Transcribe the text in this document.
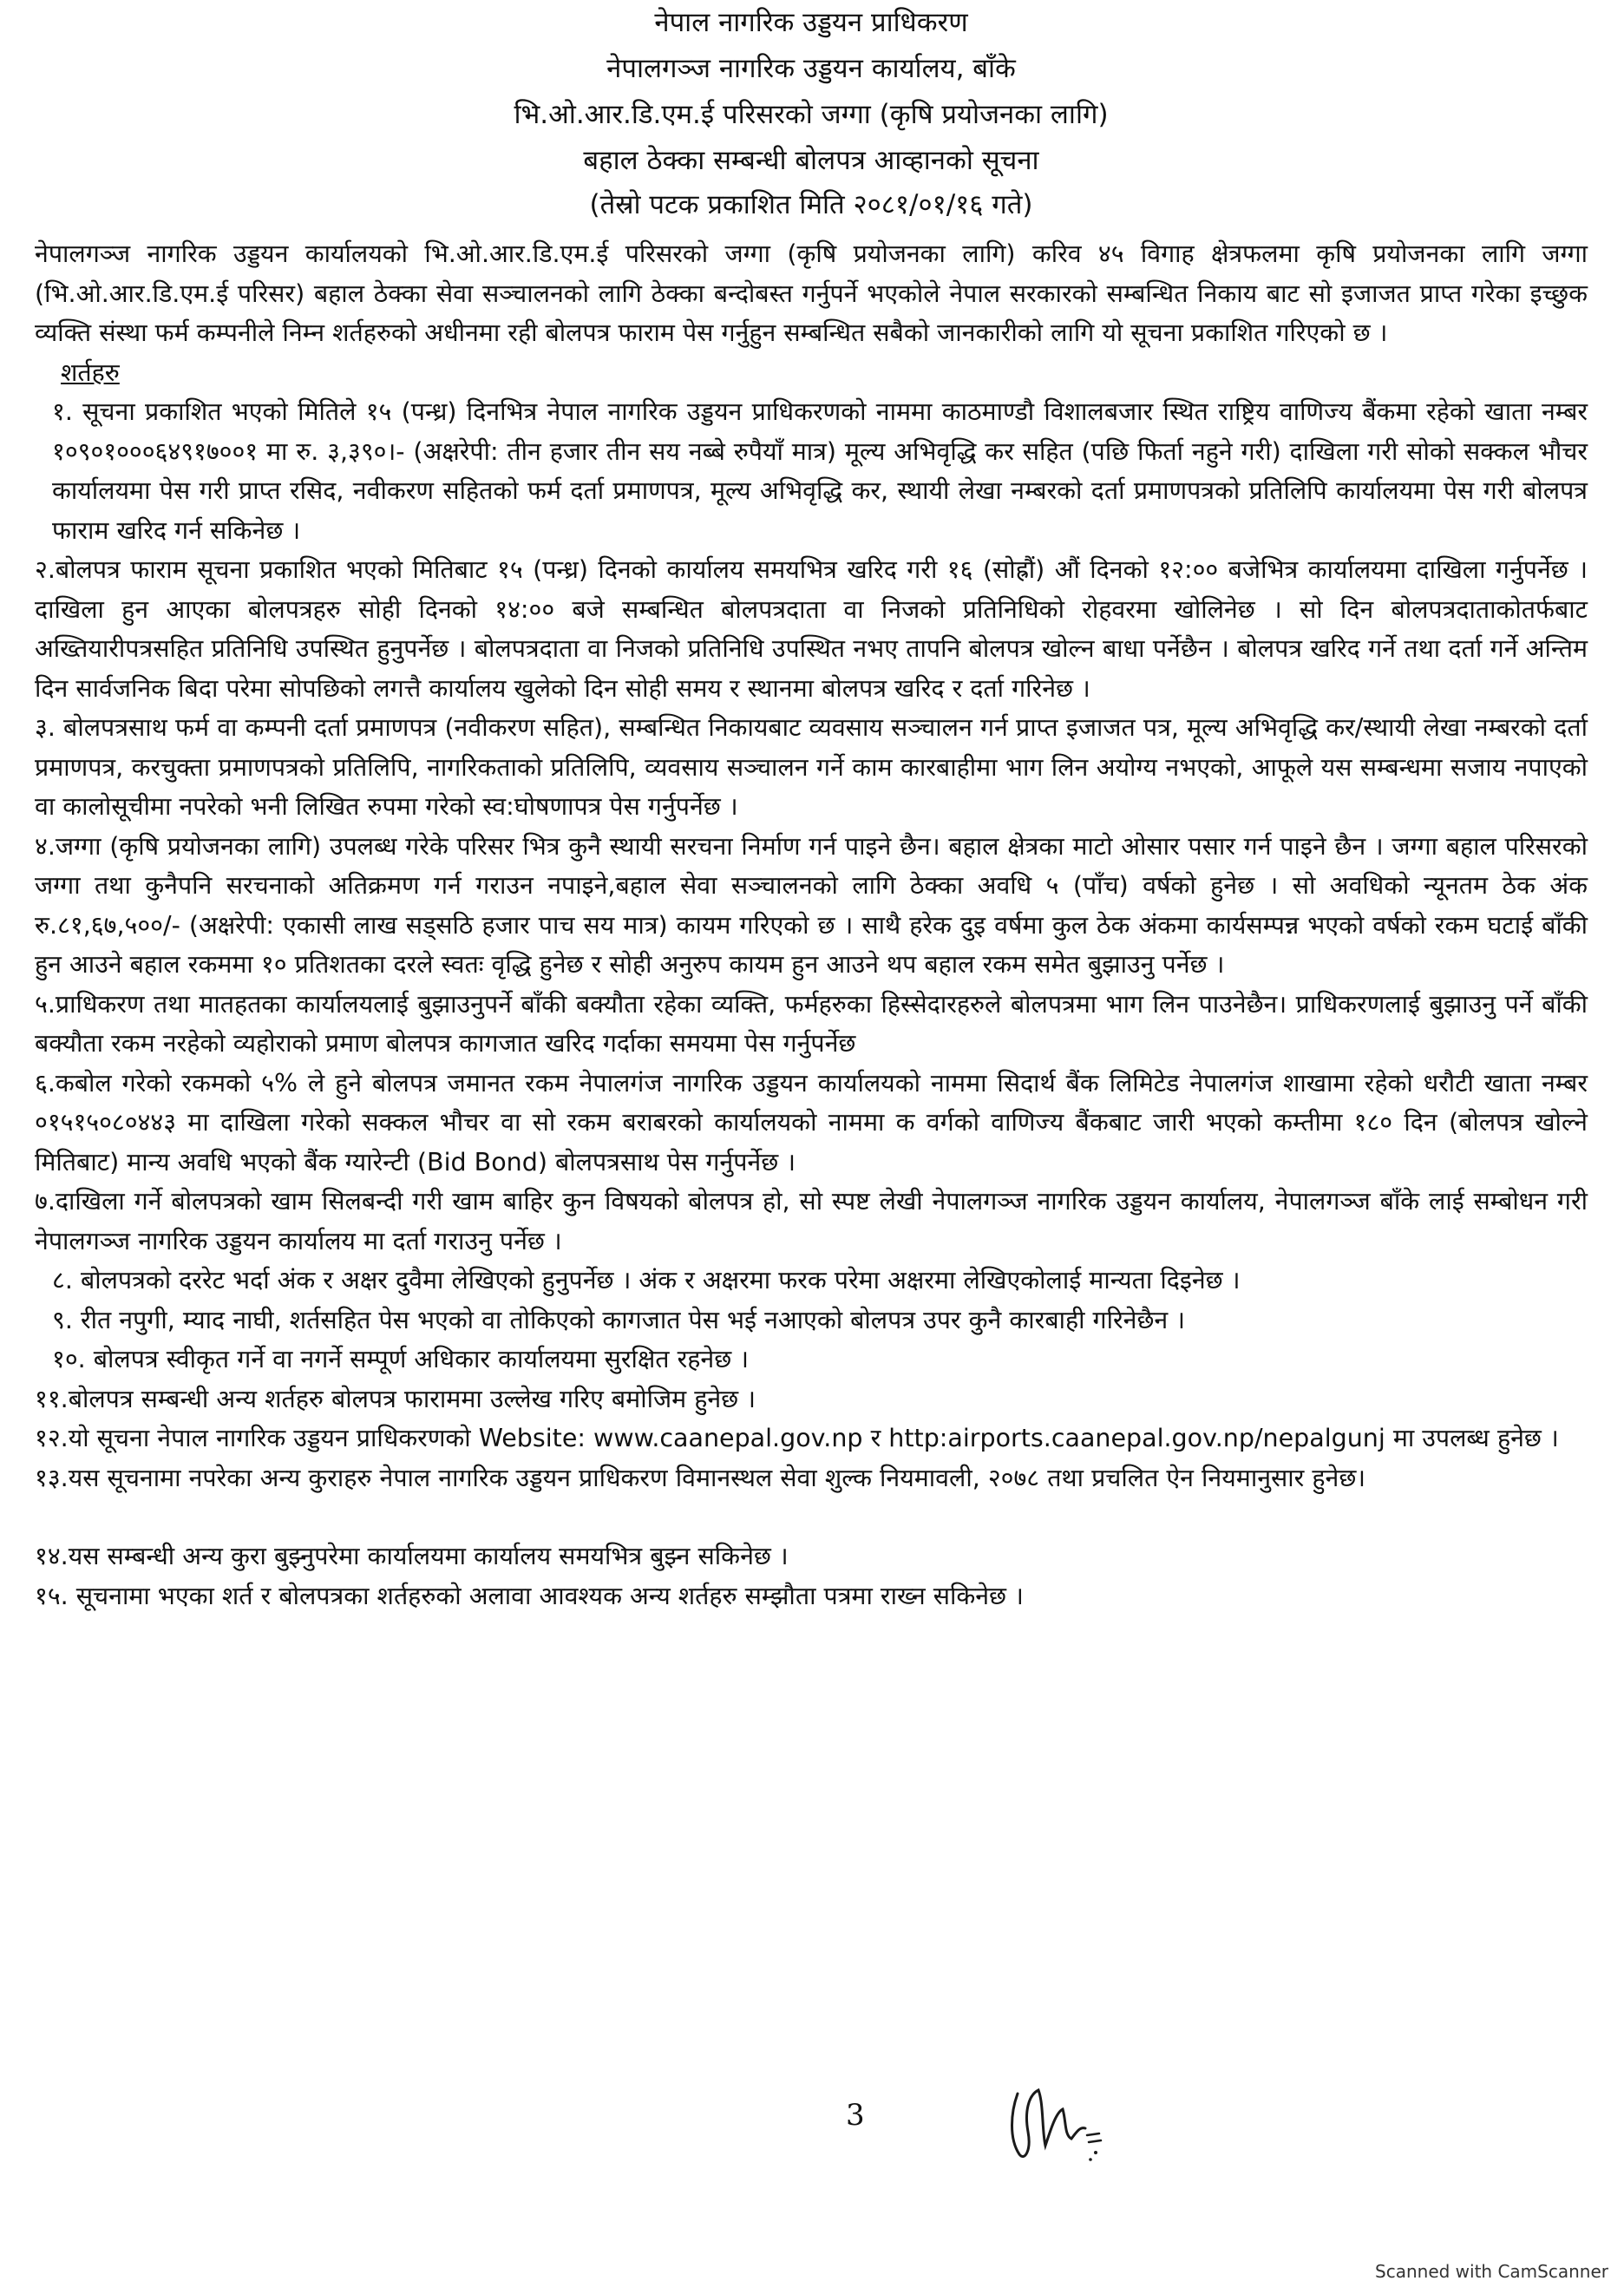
नेपाल नागरिक उड्डयन प्राधिकरण
नेपालगञ्ज नागरिक उड्डयन कार्यालय, बाँके
भि.ओ.आर.डि.एम.ई परिसरको जग्गा (कृषि प्रयोजनका लागि)
बहाल ठेक्का सम्बन्धी बोलपत्र आव्हानको सूचना
(तेस्रो पटक प्रकाशित मिति २०८१/०१/१६ गते)

नेपालगञ्ज नागरिक उड्डयन कार्यालयको भि.ओ.आर.डि.एम.ई परिसरको जग्गा (कृषि प्रयोजनका लागि) करिव ४५ विगाह क्षेत्रफलमा कृषि प्रयोजनका लागि जग्गा (भि.ओ.आर.डि.एम.ई परिसर) बहाल ठेक्का सेवा सञ्चालनको लागि ठेक्का बन्दोबस्त गर्नुपर्ने भएकोले नेपाल सरकारको सम्बन्धित निकाय बाट सो इजाजत प्राप्त गरेका इच्छुक व्यक्ति संस्था फर्म कम्पनीले निम्न शर्तहरुको अधीनमा रही बोलपत्र फाराम पेस गर्नुहुन सम्बन्धित सबैको जानकारीको लागि यो सूचना प्रकाशित गरिएको छ ।

शर्तहरु

१. सूचना प्रकाशित भएको मितिले १५ (पन्ध्र) दिनभित्र नेपाल नागरिक उड्डयन प्राधिकरणको नाममा काठमाण्डौ विशालबजार स्थित राष्ट्रिय वाणिज्य बैंकमा रहेको खाता नम्बर १०९०१०००६४९१७००१ मा रु. ३,३९०।- (अक्षरेपी: तीन हजार तीन सय नब्बे रुपैयाँ मात्र) मूल्य अभिवृद्धि कर सहित (पछि फिर्ता नहुने गरी) दाखिला गरी सोको सक्कल भौचर कार्यालयमा पेस गरी प्राप्त रसिद, नवीकरण सहितको फर्म दर्ता प्रमाणपत्र, मूल्य अभिवृद्धि कर, स्थायी लेखा नम्बरको दर्ता प्रमाणपत्रको प्रतिलिपि कार्यालयमा पेस गरी बोलपत्र फाराम खरिद गर्न सकिनेछ ।

२.बोलपत्र फाराम सूचना प्रकाशित भएको मितिबाट १५ (पन्ध्र) दिनको कार्यालय समयभित्र खरिद गरी १६ (सोह्रौं) औं दिनको १२:०० बजेभित्र कार्यालयमा दाखिला गर्नुपर्नेछ । दाखिला हुन आएका बोलपत्रहरु सोही दिनको १४:०० बजे सम्बन्धित बोलपत्रदाता वा निजको प्रतिनिधिको रोहवरमा खोलिनेछ । सो दिन बोलपत्रदाताकोतर्फबाट अख्तियारीपत्रसहित प्रतिनिधि उपस्थित हुनुपर्नेछ । बोलपत्रदाता वा निजको प्रतिनिधि उपस्थित नभए तापनि बोलपत्र खोल्न बाधा पर्नेछैन । बोलपत्र खरिद गर्ने तथा दर्ता गर्ने अन्तिम दिन सार्वजनिक बिदा परेमा सोपछिको लगत्तै कार्यालय खुलेको दिन सोही समय र स्थानमा बोलपत्र खरिद र दर्ता गरिनेछ ।

३. बोलपत्रसाथ फर्म वा कम्पनी दर्ता प्रमाणपत्र (नवीकरण सहित), सम्बन्धित निकायबाट व्यवसाय सञ्चालन गर्न प्राप्त इजाजत पत्र, मूल्य अभिवृद्धि कर/स्थायी लेखा नम्बरको दर्ता प्रमाणपत्र, करचुक्ता प्रमाणपत्रको प्रतिलिपि, नागरिकताको प्रतिलिपि, व्यवसाय सञ्चालन गर्ने काम कारबाहीमा भाग लिन अयोग्य नभएको, आफूले यस सम्बन्धमा सजाय नपाएको वा कालोसूचीमा नपरेको भनी लिखित रुपमा गरेको स्व:घोषणापत्र पेस गर्नुपर्नेछ ।

४.जग्गा (कृषि प्रयोजनका लागि) उपलब्ध गरेके परिसर भित्र कुनै स्थायी सरचना निर्माण गर्न पाइने छैन। बहाल क्षेत्रका माटो ओसार पसार गर्न पाइने छैन । जग्गा बहाल परिसरको जग्गा तथा कुनैपनि सरचनाको अतिक्रमण गर्न गराउन नपाइने,बहाल सेवा सञ्चालनको लागि ठेक्का अवधि ५ (पाँच) वर्षको हुनेछ । सो अवधिको न्यूनतम ठेक अंक रु.८१,६७,५००/- (अक्षरेपी: एकासी लाख सड्सठि हजार पाच सय मात्र) कायम गरिएको छ । साथै हरेक दुइ वर्षमा कुल ठेक अंकमा कार्यसम्पन्न भएको वर्षको रकम घटाई बाँकी हुन आउने बहाल रकममा १० प्रतिशतका दरले स्वतः वृद्धि हुनेछ र सोही अनुरुप कायम हुन आउने थप बहाल रकम समेत बुझाउनु पर्नेछ ।

५.प्राधिकरण तथा मातहतका कार्यालयलाई बुझाउनुपर्ने बाँकी बक्यौता रहेका व्यक्ति, फर्महरुका हिस्सेदारहरुले बोलपत्रमा भाग लिन पाउनेछैन। प्राधिकरणलाई बुझाउनु पर्ने बाँकी बक्यौता रकम नरहेको व्यहोराको प्रमाण बोलपत्र कागजात खरिद गर्दाका समयमा पेस गर्नुपर्नेछ

६.कबोल गरेको रकमको ५% ले हुने बोलपत्र जमानत रकम नेपालगंज नागरिक उड्डयन कार्यालयको नाममा सिदार्थ बैंक लिमिटेड नेपालगंज शाखामा रहेको धरौटी खाता नम्बर ०१५१५०८०४४३ मा दाखिला गरेको सक्कल भौचर वा सो रकम बराबरको कार्यालयको नाममा क वर्गको वाणिज्य बैंकबाट जारी भएको कम्तीमा १८० दिन (बोलपत्र खोल्ने मितिबाट) मान्य अवधि भएको बैंक ग्यारेन्टी (Bid Bond) बोलपत्रसाथ पेस गर्नुपर्नेछ ।

७.दाखिला गर्ने बोलपत्रको खाम सिलबन्दी गरी खाम बाहिर कुन विषयको बोलपत्र हो, सो स्पष्ट लेखी नेपालगञ्ज नागरिक उड्डयन कार्यालय, नेपालगञ्ज बाँके लाई सम्बोधन गरी नेपालगञ्ज नागरिक उड्डयन कार्यालय मा दर्ता गराउनु पर्नेछ ।

८. बोलपत्रको दररेट भर्दा अंक र अक्षर दुवैमा लेखिएको हुनुपर्नेछ । अंक र अक्षरमा फरक परेमा अक्षरमा लेखिएकोलाई मान्यता दिइनेछ ।

९. रीत नपुगी, म्याद नाघी, शर्तसहित पेस भएको वा तोकिएको कागजात पेस भई नआएको बोलपत्र उपर कुनै कारबाही गरिनेछैन ।

१०. बोलपत्र स्वीकृत गर्ने वा नगर्ने सम्पूर्ण अधिकार कार्यालयमा सुरक्षित रहनेछ ।

११.बोलपत्र सम्बन्धी अन्य शर्तहरु बोलपत्र फाराममा उल्लेख गरिए बमोजिम हुनेछ ।

१२.यो सूचना नेपाल नागरिक उड्डयन प्राधिकरणको Website: www.caanepal.gov.np र http:airports.caanepal.gov.np/nepalgunj मा उपलब्ध हुनेछ ।

१३.यस सूचनामा नपरेका अन्य कुराहरु नेपाल नागरिक उड्डयन प्राधिकरण विमानस्थल सेवा शुल्क नियमावली, २०७८ तथा प्रचलित ऐन नियमानुसार हुनेछ।

१४.यस सम्बन्धी अन्य कुरा बुझ्नुपरेमा कार्यालयमा कार्यालय समयभित्र बुझ्न सकिनेछ ।

१५. सूचनामा भएका शर्त र बोलपत्रका शर्तहरुको अलावा आवश्यक अन्य शर्तहरु सम्झौता पत्रमा राख्न सकिनेछ ।

3
Scanned with CamScanner
